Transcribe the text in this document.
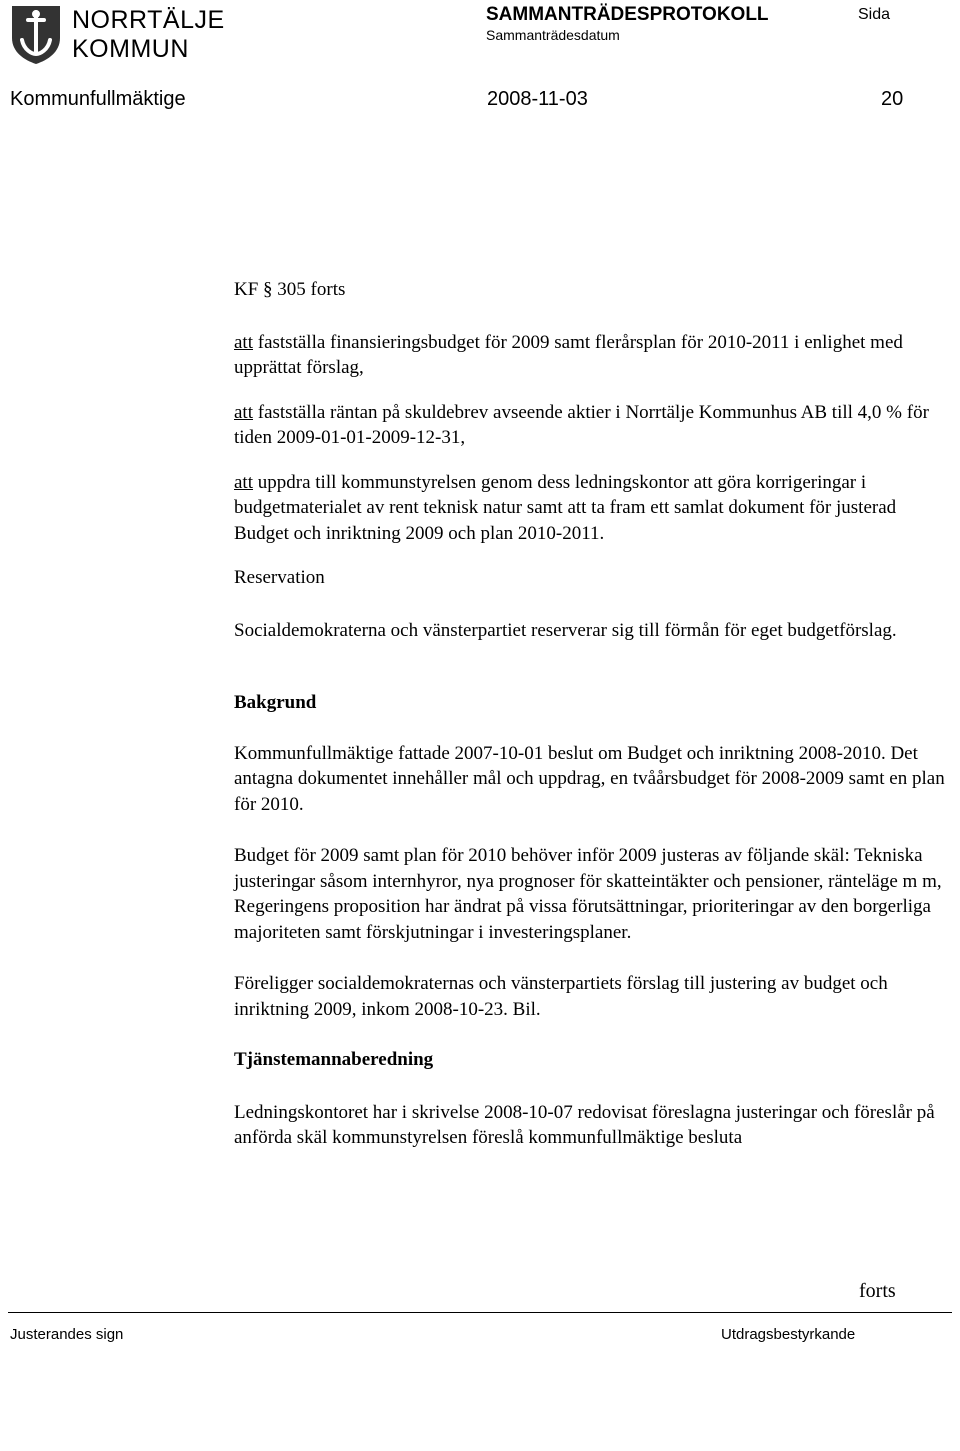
NORRTÄLJE
KOMMUN
SAMMANTRÄDESPROTOKOLL
Sammanträdesdatum
Sida
Kommunfullmäktige	2008-11-03	20

KF § 305 forts

att fastställa finansieringsbudget för 2009 samt flerårsplan för 2010-2011 i enlighet med upprättat förslag,

att fastställa räntan på skuldebrev avseende aktier i Norrtälje Kommunhus AB till 4,0 % för tiden 2009-01-01-2009-12-31,

att uppdra till kommunstyrelsen genom dess ledningskontor att göra korrigeringar i budgetmaterialet av rent teknisk natur samt att ta fram ett samlat dokument för justerad Budget och inriktning 2009 och plan 2010-2011.

Reservation

Socialdemokraterna och vänsterpartiet reserverar sig till förmån för eget budgetförslag.

Bakgrund

Kommunfullmäktige fattade 2007-10-01 beslut om Budget och inriktning 2008-2010. Det antagna dokumentet innehåller mål och uppdrag, en tvåårsbudget för 2008-2009 samt en plan för 2010.

Budget för 2009 samt plan för 2010 behöver inför 2009 justeras av följande skäl: Tekniska justeringar såsom internhyror, nya prognoser för skatteintäkter och pensioner, ränteläge m m, Regeringens proposition har ändrat på vissa förutsättningar, prioriteringar av den borgerliga majoriteten samt förskjutningar i investeringsplaner.

Föreligger socialdemokraternas och vänsterpartiets förslag till justering av budget och inriktning 2009, inkom 2008-10-23. Bil.

Tjänstemannaberedning

Ledningskontoret har i skrivelse 2008-10-07 redovisat föreslagna justeringar och föreslår på anförda skäl kommunstyrelsen föreslå kommunfullmäktige besluta

forts
Justerandes sign	Utdragsbestyrkande
